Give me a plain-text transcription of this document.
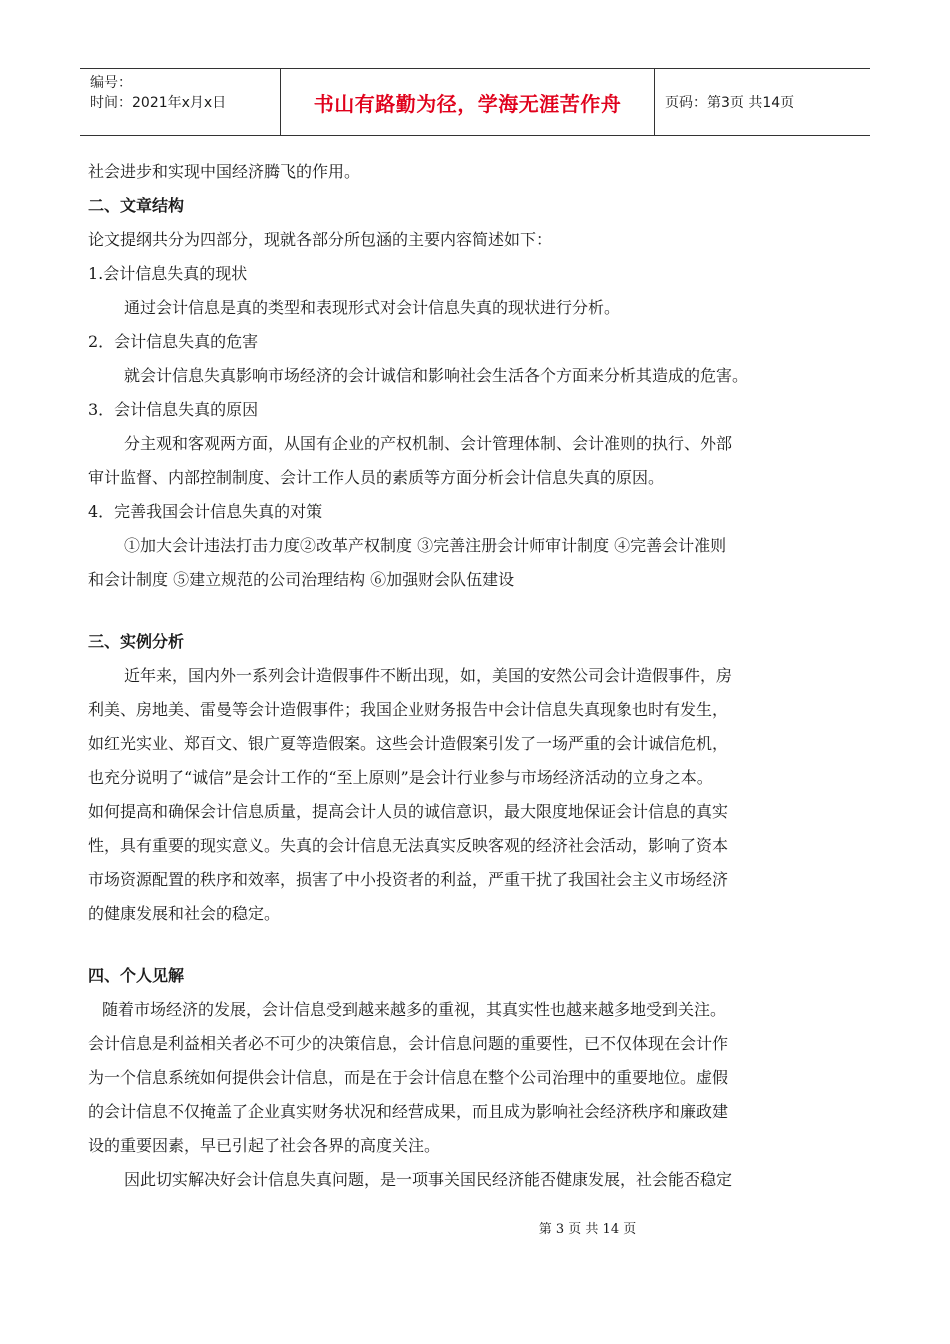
编号：
时间：2021年x月x日	书山有路勤为径，学海无涯苦作舟	页码：第3页 共14页
社会进步和实现中国经济腾飞的作用。
二、文章结构
论文提纲共分为四部分，现就各部分所包涵的主要内容简述如下：
1.会计信息失真的现状
通过会计信息是真的类型和表现形式对会计信息失真的现状进行分析。
2．会计信息失真的危害
就会计信息失真影响市场经济的会计诚信和影响社会生活各个方面来分析其造成的危害。
3．会计信息失真的原因
分主观和客观两方面，从国有企业的产权机制、会计管理体制、会计准则的执行、外部
审计监督、内部控制制度、会计工作人员的素质等方面分析会计信息失真的原因。
4．完善我国会计信息失真的对策
①加大会计违法打击力度②改革产权制度 ③完善注册会计师审计制度 ④完善会计准则
和会计制度 ⑤建立规范的公司治理结构 ⑥加强财会队伍建设
三、实例分析
近年来，国内外一系列会计造假事件不断出现，如，美国的安然公司会计造假事件，房
利美、房地美、雷曼等会计造假事件；我国企业财务报告中会计信息失真现象也时有发生，
如红光实业、郑百文、银广夏等造假案。这些会计造假案引发了一场严重的会计诚信危机，
也充分说明了“诚信”是会计工作的“至上原则”是会计行业参与市场经济活动的立身之本。
如何提高和确保会计信息质量，提高会计人员的诚信意识，最大限度地保证会计信息的真实
性，具有重要的现实意义。失真的会计信息无法真实反映客观的经济社会活动，影响了资本
市场资源配置的秩序和效率，损害了中小投资者的利益，严重干扰了我国社会主义市场经济
的健康发展和社会的稳定。
四、个人见解
随着市场经济的发展，会计信息受到越来越多的重视，其真实性也越来越多地受到关注。
会计信息是利益相关者必不可少的决策信息，会计信息问题的重要性，已不仅体现在会计作
为一个信息系统如何提供会计信息，而是在于会计信息在整个公司治理中的重要地位。虚假
的会计信息不仅掩盖了企业真实财务状况和经营成果，而且成为影响社会经济秩序和廉政建
设的重要因素，早已引起了社会各界的高度关注。
因此切实解决好会计信息失真问题，是一项事关国民经济能否健康发展，社会能否稳定
第 3 页 共 14 页
